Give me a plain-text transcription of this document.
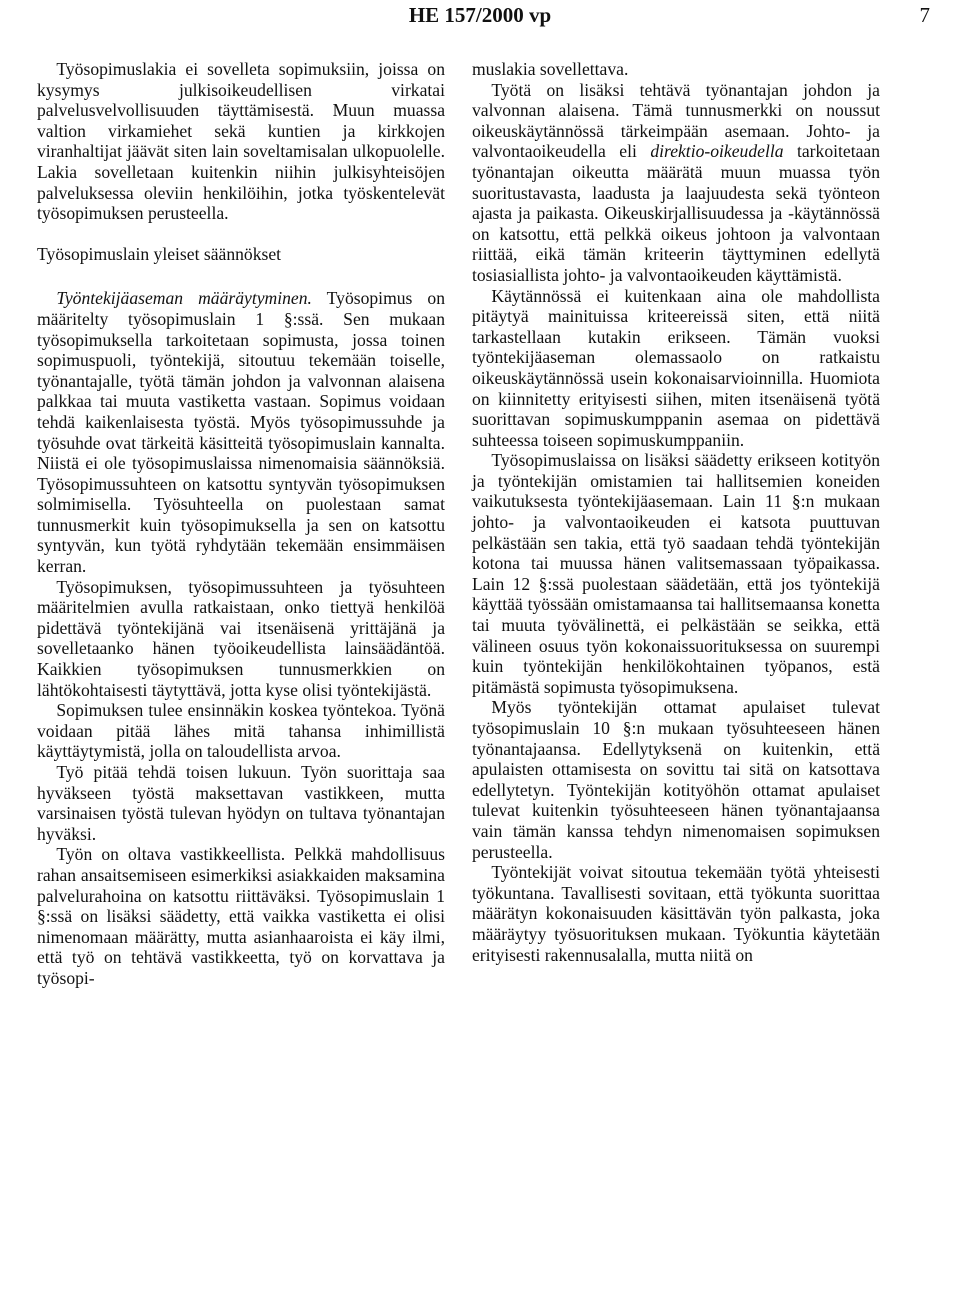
HE 157/2000 vp	7

Työsopimuslakia ei sovelleta sopimuksiin, joissa on kysymys julkisoikeudellisen virkatai palvelusvelvollisuuden täyttämisestä. Muun muassa valtion virkamiehet sekä kuntien ja kirkkojen viranhaltijat jäävät siten lain soveltamisalan ulkopuolelle. Lakia sovelletaan kuitenkin niihin julkisyhteisöjen palveluksessa oleviin henkilöihin, jotka työskentelevät työsopimuksen perusteella.

Työsopimuslain yleiset säännökset

Työntekijäaseman määräytyminen. Työsopimus on määritelty työsopimuslain 1 §:ssä. Sen mukaan työsopimuksella tarkoitetaan sopimusta, jossa toinen sopimuspuoli, työntekijä, sitoutuu tekemään toiselle, työnantajalle, työtä tämän johdon ja valvonnan alaisena palkkaa tai muuta vastiketta vastaan. Sopimus voidaan tehdä kaikenlaisesta työstä. Myös työsopimussuhde ja työsuhde ovat tärkeitä käsitteitä työsopimuslain kannalta. Niistä ei ole työsopimuslaissa nimenomaisia säännöksiä. Työsopimussuhteen on katsottu syntyvän työsopimuksen solmimisella. Työsuhteella on puolestaan samat tunnusmerkit kuin työsopimuksella ja sen on katsottu syntyvän, kun työtä ryhdytään tekemään ensimmäisen kerran.

Työsopimuksen, työsopimussuhteen ja työsuhteen määritelmien avulla ratkaistaan, onko tiettyä henkilöä pidettävä työntekijänä vai itsenäisenä yrittäjänä ja sovelletaanko hänen työoikeudellista lainsäädäntöä. Kaikkien työsopimuksen tunnusmerkkien on lähtökohtaisesti täytyttävä, jotta kyse olisi työntekijästä.

Sopimuksen tulee ensinnäkin koskea työntekoa. Työnä voidaan pitää lähes mitä tahansa inhimillistä käyttäytymistä, jolla on taloudellista arvoa.

Työ pitää tehdä toisen lukuun. Työn suorittaja saa hyväkseen työstä maksettavan vastikkeen, mutta varsinaisen työstä tulevan hyödyn on tultava työnantajan hyväksi.

Työn on oltava vastikkeellista. Pelkkä mahdollisuus rahan ansaitsemiseen esimerkiksi asiakkaiden maksamina palvelurahoina on katsottu riittäväksi. Työsopimuslain 1 §:ssä on lisäksi säädetty, että vaikka vastiketta ei olisi nimenomaan määrätty, mutta asianhaaroista ei käy ilmi, että työ on tehtävä vastikkeetta, työ on korvattava ja työsopi-

muslakia sovellettava.

Työtä on lisäksi tehtävä työnantajan johdon ja valvonnan alaisena. Tämä tunnusmerkki on noussut oikeuskäytännössä tärkeimpään asemaan. Johto- ja valvontaoikeudella eli direktio-oikeudella tarkoitetaan työnantajan oikeutta määrätä muun muassa työn suoritustavasta, laadusta ja laajuudesta sekä työnteon ajasta ja paikasta. Oikeuskirjallisuudessa ja -käytännössä on katsottu, että pelkkä oikeus johtoon ja valvontaan riittää, eikä tämän kriteerin täyttyminen edellytä tosiasiallista johto- ja valvontaoikeuden käyttämistä.

Käytännössä ei kuitenkaan aina ole mahdollista pitäytyä mainituissa kriteereissä siten, että niitä tarkastellaan kutakin erikseen. Tämän vuoksi työntekijäaseman olemassaolo on ratkaistu oikeuskäytännössä usein kokonaisarvioinnilla. Huomiota on kiinnitetty erityisesti siihen, miten itsenäisenä työtä suorittavan sopimuskumppanin asemaa on pidettävä suhteessa toiseen sopimuskumppaniin.

Työsopimuslaissa on lisäksi säädetty erikseen kotityön ja työntekijän omistamien tai hallitsemien koneiden vaikutuksesta työntekijäasemaan. Lain 11 §:n mukaan johto- ja valvontaoikeuden ei katsota puuttuvan pelkästään sen takia, että työ saadaan tehdä työntekijän kotona tai muussa hänen valitsemassaan työpaikassa. Lain 12 §:ssä puolestaan säädetään, että jos työntekijä käyttää työssään omistamaansa tai hallitsemaansa konetta tai muuta työvälinettä, ei pelkästään se seikka, että välineen osuus työn kokonaissuorituksessa on suurempi kuin työntekijän henkilökohtainen työpanos, estä pitämästä sopimusta työsopimuksena.

Myös työntekijän ottamat apulaiset tulevat työsopimuslain 10 §:n mukaan työsuhteeseen hänen työnantajaansa. Edellytyksenä on kuitenkin, että apulaisten ottamisesta on sovittu tai sitä on katsottava edellytetyn. Työntekijän kotityöhön ottamat apulaiset tulevat kuitenkin työsuhteeseen hänen työnantajaansa vain tämän kanssa tehdyn nimenomaisen sopimuksen perusteella.

Työntekijät voivat sitoutua tekemään työtä yhteisesti työkuntana. Tavallisesti sovitaan, että työkunta suorittaa määrätyn kokonaisuuden käsittävän työn palkasta, joka määräytyy työsuorituksen mukaan. Työkuntia käytetään erityisesti rakennusalalla, mutta niitä on
